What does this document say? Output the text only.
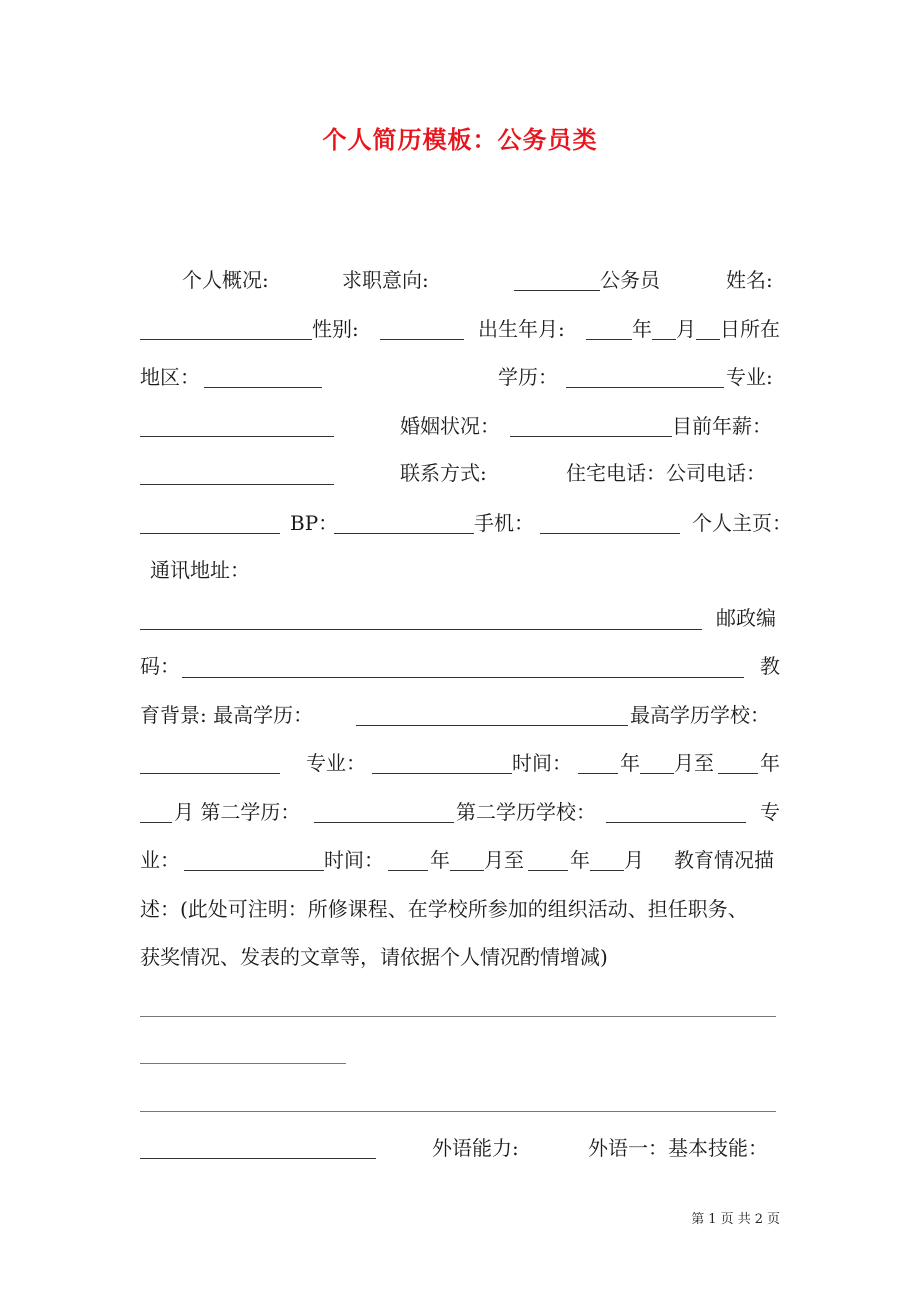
个人简历模板：公务员类
个人概况:	求职意向:	公务员	姓名:
性别:	出生年月:	年 月 日所在
地区：	学历：	专业:
婚姻状况：	目前年薪：
联系方式:	住宅电话：公司电话：
BP：	手机：	个人主页：
通讯地址：
邮政编
码：	教
育背景: 最高学历：	最高学历学校：
专业：	时间： 年 月至 年
月 第二学历：	第二学历学校：	专
业：	时间： 年 月至 年 月 教育情况描
述：(此处可注明：所修课程、在学校所参加的组织活动、担任职务、
获奖情况、发表的文章等，请依据个人情况酌情增减)
外语能力:	外语一：基本技能：
第 1 页 共 2 页
